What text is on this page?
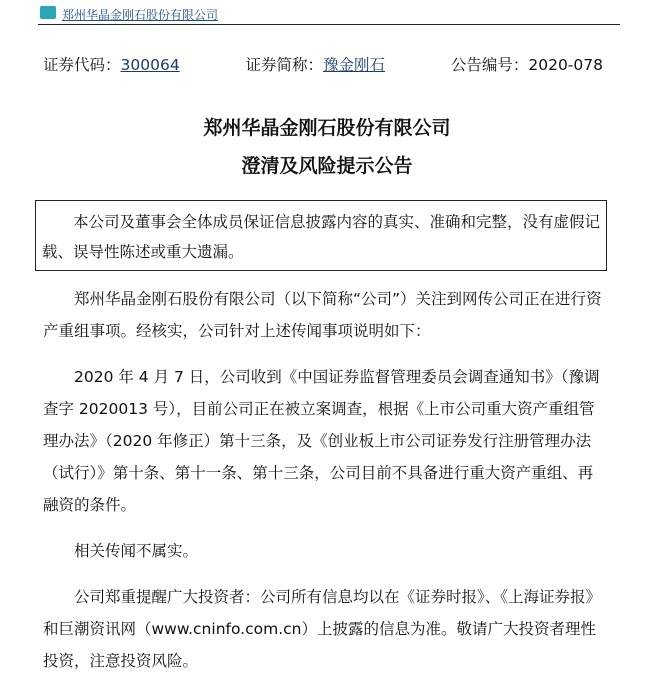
郑州华晶金刚石股份有限公司
证券代码：300064	证券简称：豫金刚石	公告编号：2020-078
郑州华晶金刚石股份有限公司
澄清及风险提示公告
本公司及董事会全体成员保证信息披露内容的真实、准确和完整，没有虚假记载、误导性陈述或重大遗漏。

郑州华晶金刚石股份有限公司（以下简称“公司”）关注到网传公司正在进行资产重组事项。经核实，公司针对上述传闻事项说明如下：

2020 年 4 月 7 日，公司收到《中国证券监督管理委员会调查通知书》（豫调查字 2020013 号），目前公司正在被立案调查，根据《上市公司重大资产重组管理办法》（2020 年修正）第十三条，及《创业板上市公司证券发行注册管理办法（试行）》第十条、第十一条、第十三条，公司目前不具备进行重大资产重组、再融资的条件。

相关传闻不属实。

公司郑重提醒广大投资者：公司所有信息均以在《证券时报》、《上海证券报》和巨潮资讯网（www.cninfo.com.cn）上披露的信息为准。敬请广大投资者理性投资，注意投资风险。
